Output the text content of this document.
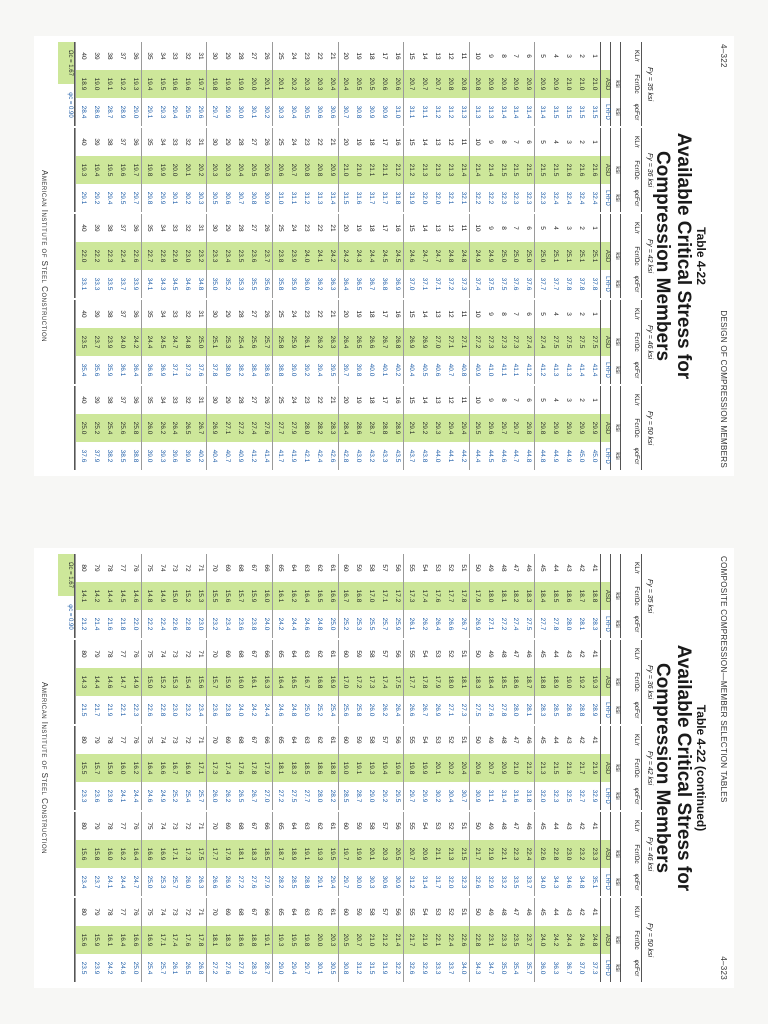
4–322
DESIGN OF COMPRESSION MEMBERS
Table 4-22
Available Critical Stress for
Compression Members
Fy = 35 ksi
KL/r
Fcr/Ωc
φcFcr
ksi
ksi
ASD
LRFD
1
21.0
31.5
2
21.0
31.5
3
21.0
31.5
4
20.9
31.5
5
20.9
31.4
6
20.9
31.4
7
20.9
31.4
8
20.9
31.4
9
20.9
31.3
10
20.8
31.3
11
20.8
31.3
12
20.8
31.2
13
20.7
31.2
14
20.7
31.1
15
20.7
31.1
16
20.6
31.0
17
20.6
30.9
18
20.5
30.9
19
20.5
30.8
20
20.4
30.7
21
20.4
30.6
22
20.3
30.6
23
20.3
30.5
24
20.2
30.4
25
20.1
30.3
26
20.1
30.2
27
20.0
30.1
28
19.9
30.0
29
19.9
29.9
30
19.8
29.7
31
19.7
29.6
32
19.6
29.5
33
19.6
29.4
34
19.5
29.3
35
19.4
29.1
36
19.3
29.0
37
19.2
28.9
38
19.1
28.7
39
19.0
28.6
40
18.9
28.4
Ωc = 1.67
φc = 0.90
Fy = 36 ksi
KL/r
Fcr/Ωc
φcFcr
ksi
ksi
ASD
LRFD
1
21.6
32.4
2
21.6
32.4
3
21.6
32.4
4
21.5
32.4
5
21.5
32.3
6
21.5
32.3
7
21.5
32.3
8
21.5
32.3
9
21.4
32.2
10
21.4
32.2
11
21.4
32.1
12
21.3
32.1
13
21.3
32.0
14
21.3
32.0
15
21.2
31.9
16
21.2
31.8
17
21.1
31.7
18
21.1
31.7
19
21.0
31.6
20
21.0
31.5
21
20.9
31.4
22
20.8
31.3
23
20.8
31.2
24
20.7
31.1
25
20.6
31.0
26
20.6
30.9
27
20.5
30.8
28
20.4
30.7
29
20.3
30.6
30
20.3
30.5
31
20.2
30.3
32
20.1
30.2
33
20.0
30.1
34
19.9
29.9
35
19.8
29.8
36
19.7
29.7
37
19.6
29.5
38
19.5
29.4
39
19.4
29.2
40
19.3
29.1
Fy = 42 ksi
KL/r
Fcr/Ωc
φcFcr
ksi
ksi
ASD
LRFD
1
25.1
37.8
2
25.1
37.8
3
25.1
37.8
4
25.1
37.7
5
25.0
37.7
6
25.0
37.6
7
25.0
37.6
8
25.0
37.5
9
24.9
37.5
10
24.9
37.4
11
24.8
37.3
12
24.8
37.2
13
24.7
37.1
14
24.7
37.1
15
24.6
37.0
16
24.5
36.9
17
24.5
36.8
18
24.4
36.7
19
24.3
36.5
20
24.2
36.4
21
24.2
36.3
22
24.1
36.2
23
24.0
36.0
24
23.9
35.9
25
23.8
35.8
26
23.7
35.6
27
23.6
35.5
28
23.5
35.3
29
23.4
35.2
30
23.3
35.0
31
23.2
34.8
32
23.0
34.6
33
22.9
34.5
34
22.8
34.3
35
22.7
34.1
36
22.6
33.9
37
22.4
33.7
38
22.3
33.5
39
22.2
33.3
40
22.0
33.1
Fy = 46 ksi
KL/r
Fcr/Ωc
φcFcr
ksi
ksi
ASD
LRFD
1
27.5
41.4
2
27.5
41.4
3
27.5
41.3
4
27.5
41.3
5
27.4
41.2
6
27.4
41.2
7
27.3
41.1
8
27.3
41.1
9
27.3
41.0
10
27.2
40.9
11
27.1
40.8
12
27.1
40.7
13
27.0
40.6
14
26.9
40.5
15
26.9
40.4
16
26.8
40.2
17
26.7
40.1
18
26.6
40.0
19
26.5
39.8
20
26.4
39.7
21
26.3
39.5
22
26.2
39.4
23
26.1
39.2
24
25.9
39.0
25
25.8
38.8
26
25.7
38.6
27
25.6
38.4
28
25.4
38.2
29
25.3
38.0
30
25.1
37.8
31
25.0
37.6
32
24.8
37.3
33
24.7
37.1
34
24.5
36.9
35
24.4
36.6
36
24.2
36.4
37
24.0
36.1
38
23.9
35.9
39
23.7
35.6
40
23.5
35.4
Fy = 50 ksi
KL/r
Fcr/Ωc
φcFcr
ksi
ksi
ASD
LRFD
1
29.9
45.0
2
29.9
45.0
3
29.9
44.9
4
29.9
44.9
5
29.8
44.8
6
29.8
44.8
7
29.7
44.7
8
29.7
44.6
9
29.6
44.5
10
29.5
44.4
11
29.4
44.2
12
29.4
44.1
13
29.3
44.0
14
29.2
43.8
15
29.1
43.7
16
28.9
43.5
17
28.8
43.3
18
28.7
43.2
19
28.6
43.0
20
28.4
42.8
21
28.3
42.6
22
28.2
42.4
23
28.0
42.1
24
27.9
41.9
25
27.7
41.7
26
27.6
41.4
27
27.4
41.2
28
27.2
40.9
29
27.1
40.7
30
26.9
40.4
31
26.7
40.2
32
26.5
39.9
33
26.4
39.6
34
26.2
39.3
35
26.0
39.0
36
25.8
38.8
37
25.6
38.5
38
25.4
38.2
39
25.2
37.9
40
25.0
37.6
American Institute of Steel Construction
COMPOSITE COMPRESSION—MEMBER SELECTION TABLES
4–323
Table 4-22 (continued)
Available Critical Stress for
Compression Members
Fy = 35 ksi
KL/r
Fcr/Ωc
φcFcr
ksi
ksi
ASD
LRFD
41
18.8
28.3
42
18.7
28.1
43
18.6
28.0
44
18.5
27.8
45
18.4
27.7
46
18.3
27.5
47
18.2
27.4
48
18.1
27.2
49
18.0
27.1
50
17.9
26.9
51
17.8
26.7
52
17.7
26.6
53
17.6
26.4
54
17.4
26.2
55
17.3
26.1
56
17.2
25.9
57
17.1
25.7
58
17.0
25.5
59
16.8
25.3
60
16.7
25.2
61
16.6
25.0
62
16.5
24.8
63
16.4
24.6
64
16.2
24.4
65
16.1
24.2
66
16.0
24.0
67
15.9
23.8
68
15.7
23.6
69
15.6
23.4
70
15.5
23.2
71
15.3
23.0
72
15.2
22.8
73
15.0
22.6
74
14.9
22.4
75
14.8
22.2
76
14.6
22.0
77
14.5
21.8
78
14.4
21.6
79
14.2
21.4
80
14.1
21.2
Ωc = 1.67
φc = 0.90
Fy = 36 ksi
KL/r
Fcr/Ωc
φcFcr
ksi
ksi
ASD
LRFD
41
19.3
28.9
42
19.2
28.8
43
19.0
28.6
44
18.9
28.5
45
18.8
28.3
46
18.7
28.1
47
18.6
28.0
48
18.5
27.8
49
18.4
27.6
50
18.3
27.5
51
18.1
27.3
52
18.0
27.1
53
17.9
26.9
54
17.8
26.7
55
17.7
26.6
56
17.5
26.4
57
17.4
26.2
58
17.3
26.0
59
17.2
25.8
60
17.0
25.6
61
16.9
25.4
62
16.8
25.2
63
16.7
25.0
64
16.5
24.8
65
16.4
24.6
66
16.3
24.4
67
16.1
24.2
68
16.0
24.0
69
15.9
23.8
70
15.7
23.6
71
15.6
23.4
72
15.4
23.2
73
15.3
23.0
74
15.2
22.8
75
15.0
22.6
76
14.9
22.3
77
14.7
22.1
78
14.6
21.9
79
14.4
21.7
80
14.3
21.5
Fy = 42 ksi
KL/r
Fcr/Ωc
φcFcr
ksi
ksi
ASD
LRFD
41
21.9
32.9
42
21.7
32.7
43
21.6
32.5
44
21.5
32.3
45
21.3
32.0
46
21.2
31.8
47
21.0
31.6
48
20.9
31.4
49
20.7
31.1
50
20.6
30.9
51
20.4
30.7
52
20.2
30.4
53
20.1
30.2
54
19.9
29.9
55
19.8
29.7
56
19.6
29.5
57
19.4
29.2
58
19.3
29.0
59
19.1
28.7
60
19.0
28.5
61
18.8
28.2
62
18.6
28.0
63
18.5
27.7
64
18.3
27.5
65
18.1
27.2
66
17.9
27.0
67
17.8
26.7
68
17.6
26.5
69
17.4
26.2
70
17.3
26.0
71
17.1
25.7
72
16.9
25.4
73
16.7
25.2
74
16.6
24.9
75
16.4
24.6
76
16.2
24.4
77
16.0
24.1
78
15.9
23.8
79
15.7
23.6
80
15.5
23.3
Fy = 46 ksi
KL/r
Fcr/Ωc
φcFcr
ksi
ksi
ASD
LRFD
41
23.3
35.1
42
23.2
34.8
43
23.0
34.6
44
22.8
34.3
45
22.6
34.0
46
22.4
33.7
47
22.3
33.5
48
22.1
33.2
49
21.9
32.9
50
21.7
32.6
51
21.5
32.3
52
21.3
32.0
53
21.1
31.7
54
20.9
31.4
55
20.7
31.2
56
20.5
30.9
57
20.3
30.6
58
20.1
30.3
59
19.9
30.0
60
19.7
29.7
61
19.5
29.4
62
19.3
29.1
63
19.1
28.8
64
18.9
28.5
65
18.7
28.2
66
18.5
27.9
67
18.3
27.6
68
18.1
27.2
69
17.9
26.9
70
17.7
26.6
71
17.5
26.3
72
17.3
26.0
73
17.1
25.7
74
16.9
25.3
75
16.6
25.0
76
16.4
24.7
77
16.2
24.4
78
16.0
24.1
79
15.8
23.7
80
15.6
23.4
Fy = 50 ksi
KL/r
Fcr/Ωc
φcFcr
ksi
ksi
ASD
LRFD
41
24.8
37.3
42
24.6
37.0
43
24.4
36.7
44
24.2
36.3
45
24.0
36.0
46
23.7
35.7
47
23.5
35.4
48
23.3
35.0
49
23.1
34.7
50
22.8
34.3
51
22.6
34.0
52
22.4
33.7
53
22.1
33.3
54
21.9
32.9
55
21.7
32.6
56
21.4
32.2
57
21.2
31.9
58
21.0
31.5
59
20.7
31.2
60
20.5
30.8
61
20.3
30.5
62
20.0
30.1
63
19.8
29.7
64
19.5
29.4
65
19.3
29.0
66
19.1
28.7
67
18.8
28.3
68
18.6
27.9
69
18.3
27.6
70
18.1
27.2
71
17.8
26.8
72
17.6
26.5
73
17.4
26.1
74
17.1
25.7
75
16.9
25.4
76
16.6
25.0
77
16.4
24.6
78
16.1
24.2
79
15.9
23.9
80
15.6
23.5
American Institute of Steel Construction
